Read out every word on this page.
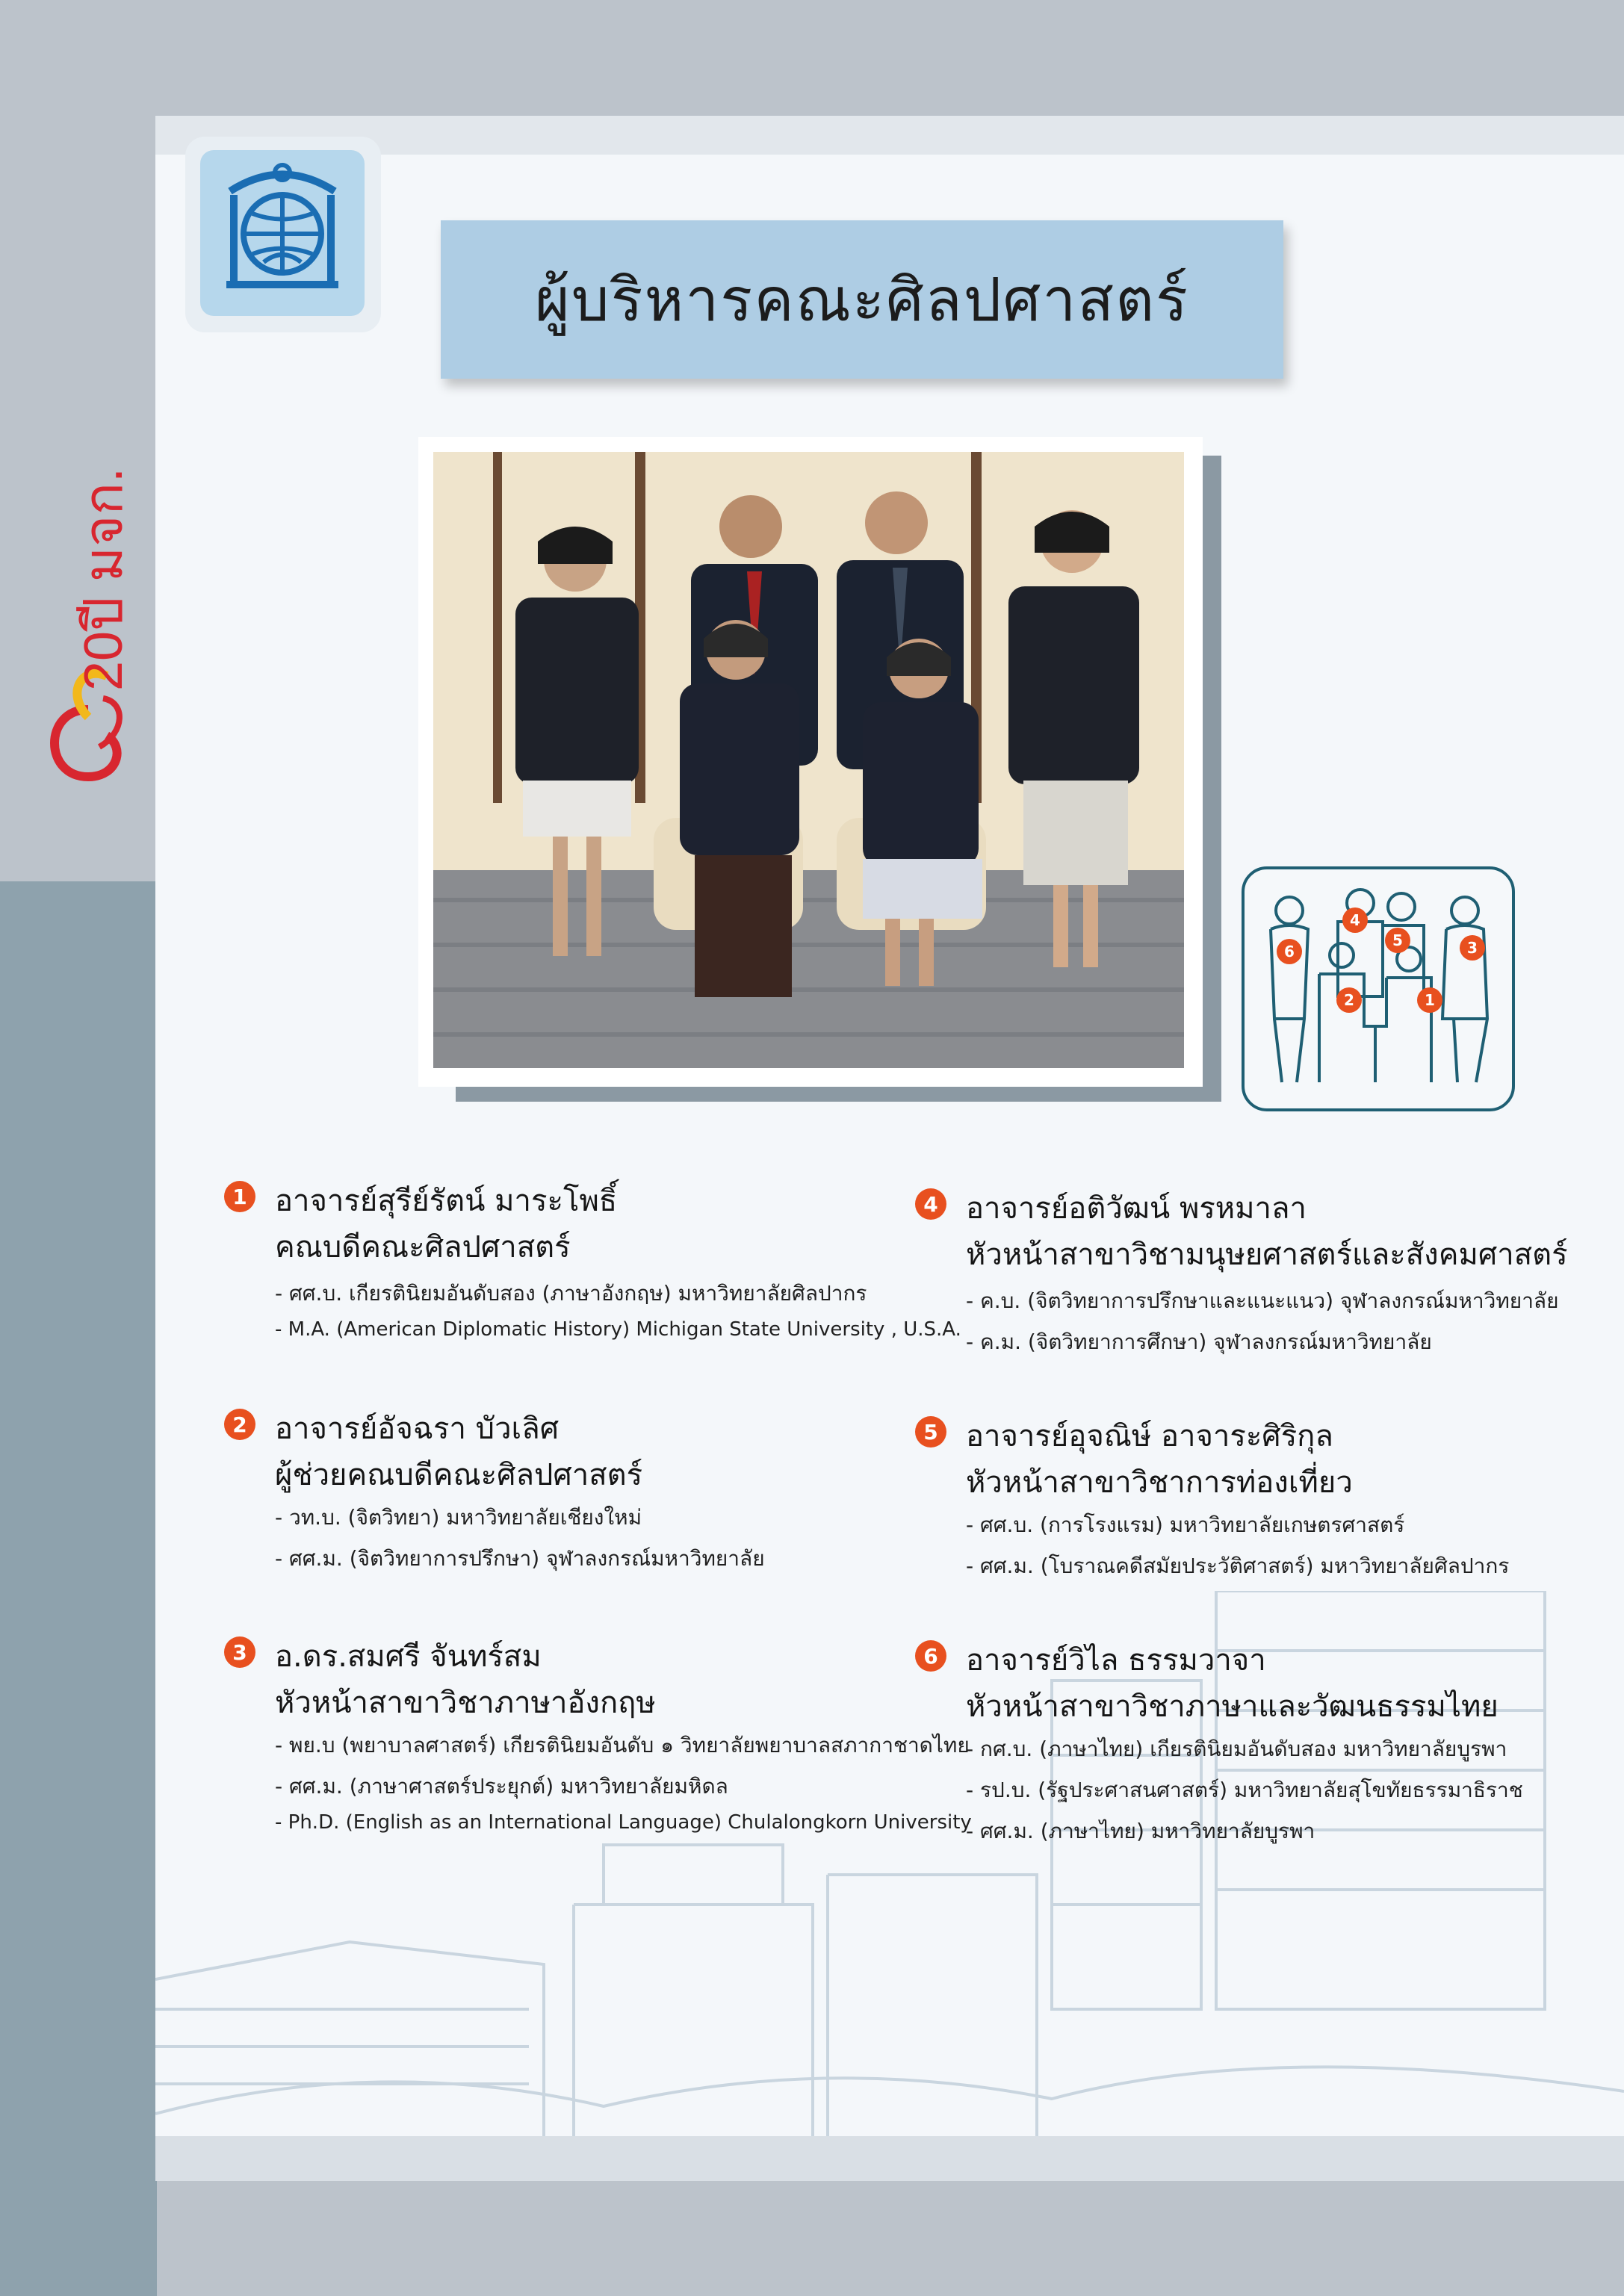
20ปี มจก.
ผู้บริหารคณะศิลปศาสตร์
6
2	1
4
5	3
1 อาจารย์สุรีย์รัตน์ มาระโพธิ์
คณบดีคณะศิลปศาสตร์
- ศศ.บ. เกียรตินิยมอันดับสอง (ภาษาอังกฤษ) มหาวิทยาลัยศิลปากร
- M.A. (American Diplomatic History) Michigan State University , U.S.A.
2 อาจารย์อัจฉรา บัวเลิศ
ผู้ช่วยคณบดีคณะศิลปศาสตร์
- วท.บ. (จิตวิทยา) มหาวิทยาลัยเชียงใหม่
- ศศ.ม. (จิตวิทยาการปรึกษา) จุฬาลงกรณ์มหาวิทยาลัย
3 อ.ดร.สมศรี จันทร์สม
หัวหน้าสาขาวิชาภาษาอังกฤษ
- พย.บ (พยาบาลศาสตร์) เกียรตินิยมอันดับ ๑ วิทยาลัยพยาบาลสภากาชาดไทย
- ศศ.ม. (ภาษาศาสตร์ประยุกต์) มหาวิทยาลัยมหิดล
- Ph.D. (English as an International Language) Chulalongkorn University
4 อาจารย์อติวัฒน์ พรหมาลา
หัวหน้าสาขาวิชามนุษยศาสตร์และสังคมศาสตร์
- ค.บ. (จิตวิทยาการปรึกษาและแนะแนว) จุฬาลงกรณ์มหาวิทยาลัย
- ค.ม. (จิตวิทยาการศึกษา) จุฬาลงกรณ์มหาวิทยาลัย
5 อาจารย์อุจณิษ์ อาจาระศิริกุล
หัวหน้าสาขาวิชาการท่องเที่ยว
- ศศ.บ. (การโรงแรม) มหาวิทยาลัยเกษตรศาสตร์
- ศศ.ม. (โบราณคดีสมัยประวัติศาสตร์) มหาวิทยาลัยศิลปากร
6 อาจารย์วิไล ธรรมวาจา
หัวหน้าสาขาวิชาภาษาและวัฒนธรรมไทย
- กศ.บ. (ภาษาไทย) เกียรตินิยมอันดับสอง มหาวิทยาลัยบูรพา
- รป.บ. (รัฐประศาสนศาสตร์) มหาวิทยาลัยสุโขทัยธรรมาธิราช
- ศศ.ม. (ภาษาไทย) มหาวิทยาลัยบูรพา
